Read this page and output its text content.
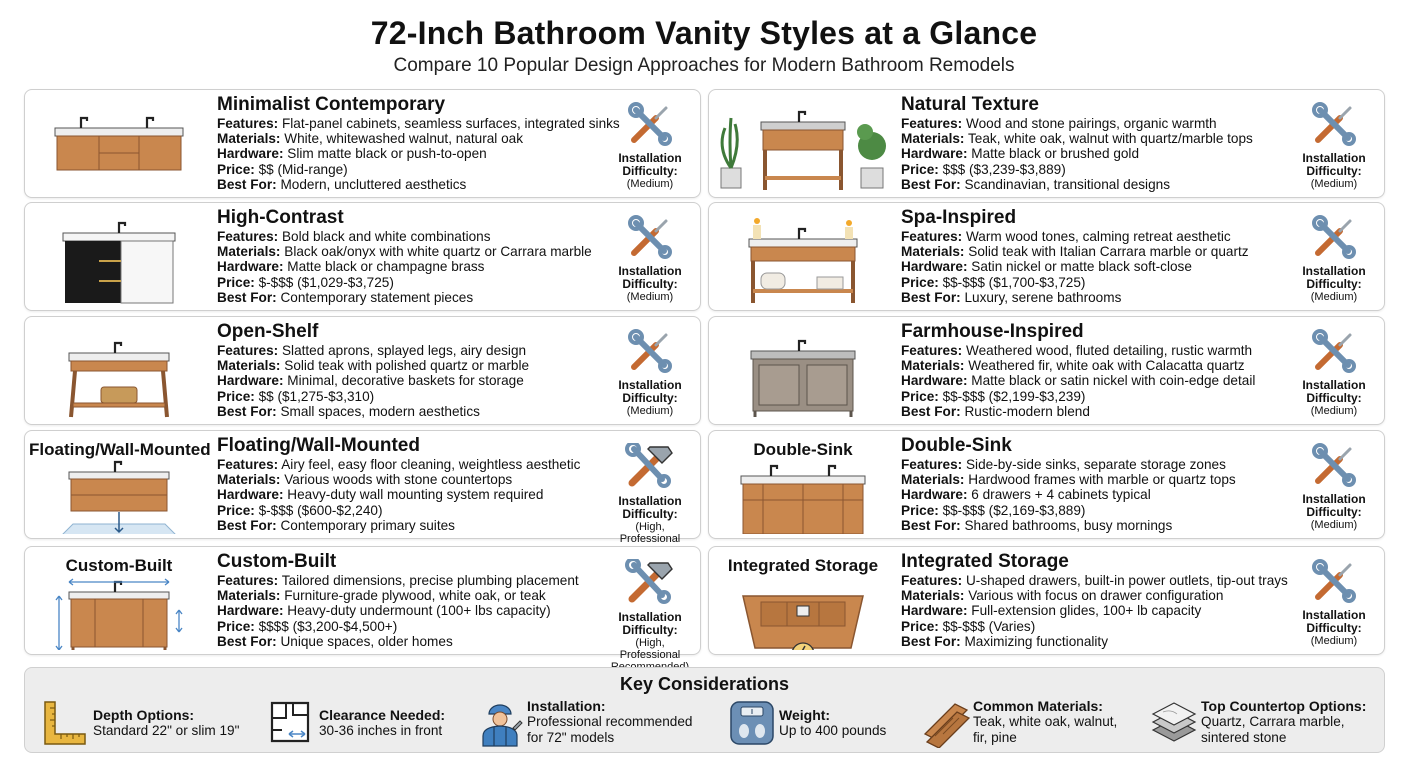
72-Inch Bathroom Vanity Styles at a Glance
Compare 10 Popular Design Approaches for Modern Bathroom Remodels
Minimalist Contemporary
Features: Flat-panel cabinets, seamless surfaces, integrated sinks
Materials: White, whitewashed walnut, natural oak
Hardware: Slim matte black or push-to-open
Price: $$ (Mid-range)
Best For: Modern, uncluttered aesthetics
Installation Difficulty:
(Medium)
Natural Texture
Features: Wood and stone pairings, organic warmth
Materials: Teak, white oak, walnut with quartz/marble tops
Hardware: Matte black or brushed gold
Price: $$$ ($3,239-$3,889)
Best For: Scandinavian, transitional designs
Installation Difficulty:
(Medium)
High-Contrast
Features: Bold black and white combinations
Materials: Black oak/onyx with white quartz or Carrara marble
Hardware: Matte black or champagne brass
Price: $-$$$ ($1,029-$3,725)
Best For: Contemporary statement pieces
Installation Difficulty:
(Medium)
Spa-Inspired
Features: Warm wood tones, calming retreat aesthetic
Materials: Solid teak with Italian Carrara marble or quartz
Hardware: Satin nickel or matte black soft-close
Price: $$-$$$ ($1,700-$3,725)
Best For: Luxury, serene bathrooms
Installation Difficulty:
(Medium)
Open-Shelf
Features: Slatted aprons, splayed legs, airy design
Materials: Solid teak with polished quartz or marble
Hardware: Minimal, decorative baskets for storage
Price: $$ ($1,275-$3,310)
Best For: Small spaces, modern aesthetics
Installation Difficulty:
(Medium)
Farmhouse-Inspired
Features: Weathered wood, fluted detailing, rustic warmth
Materials: Weathered fir, white oak with Calacatta quartz
Hardware: Matte black or satin nickel with coin-edge detail
Price: $$-$$$ ($2,199-$3,239)
Best For: Rustic-modern blend
Installation Difficulty:
(Medium)
Floating/Wall-Mounted Floating/Wall-Mounted
Features: Airy feel, easy floor cleaning, weightless aesthetic
Materials: Various woods with stone countertops
Hardware: Heavy-duty wall mounting system required
Price: $-$$$ ($600-$2,240)
Best For: Contemporary primary suites
Installation Difficulty:
(High, Professional
Double-Sink	Double-Sink
Features: Side-by-side sinks, separate storage zones
Materials: Hardwood frames with marble or quartz tops
Hardware: 6 drawers + 4 cabinets typical
Price: $$-$$$ ($2,169-$3,889)
Best For: Shared bathrooms, busy mornings
Installation Difficulty:
(Medium)
Custom-Built	Custom-Built
Features: Tailored dimensions, precise plumbing placement
Materials: Furniture-grade plywood, white oak, or teak
Hardware: Heavy-duty undermount (100+ lbs capacity)
Price: $$$$ ($3,200-$4,500+)
Best For: Unique spaces, older homes
Installation Difficulty:
(High, Professional
Integrated Storage	Integrated Storage
Features: U-shaped drawers, built-in power outlets, tip-out trays
Materials: Various with focus on drawer configuration
Hardware: Full-extension glides, 100+ lb capacity
Price: $$-$$$ (Varies)
Best For: Maximizing functionality
Installation Difficulty:
(Medium)
Key Considerations
Depth Options:
Standard 22" or slim 19"
Clearance Needed:
30-36 inches in front
Installation:
Professional recommended
for 72" models
Weight:
Up to 400 pounds
Common Materials:
Teak, white oak, walnut,
fir, pine
Top Countertop Options:
Quartz, Carrara marble,
sintered stone
